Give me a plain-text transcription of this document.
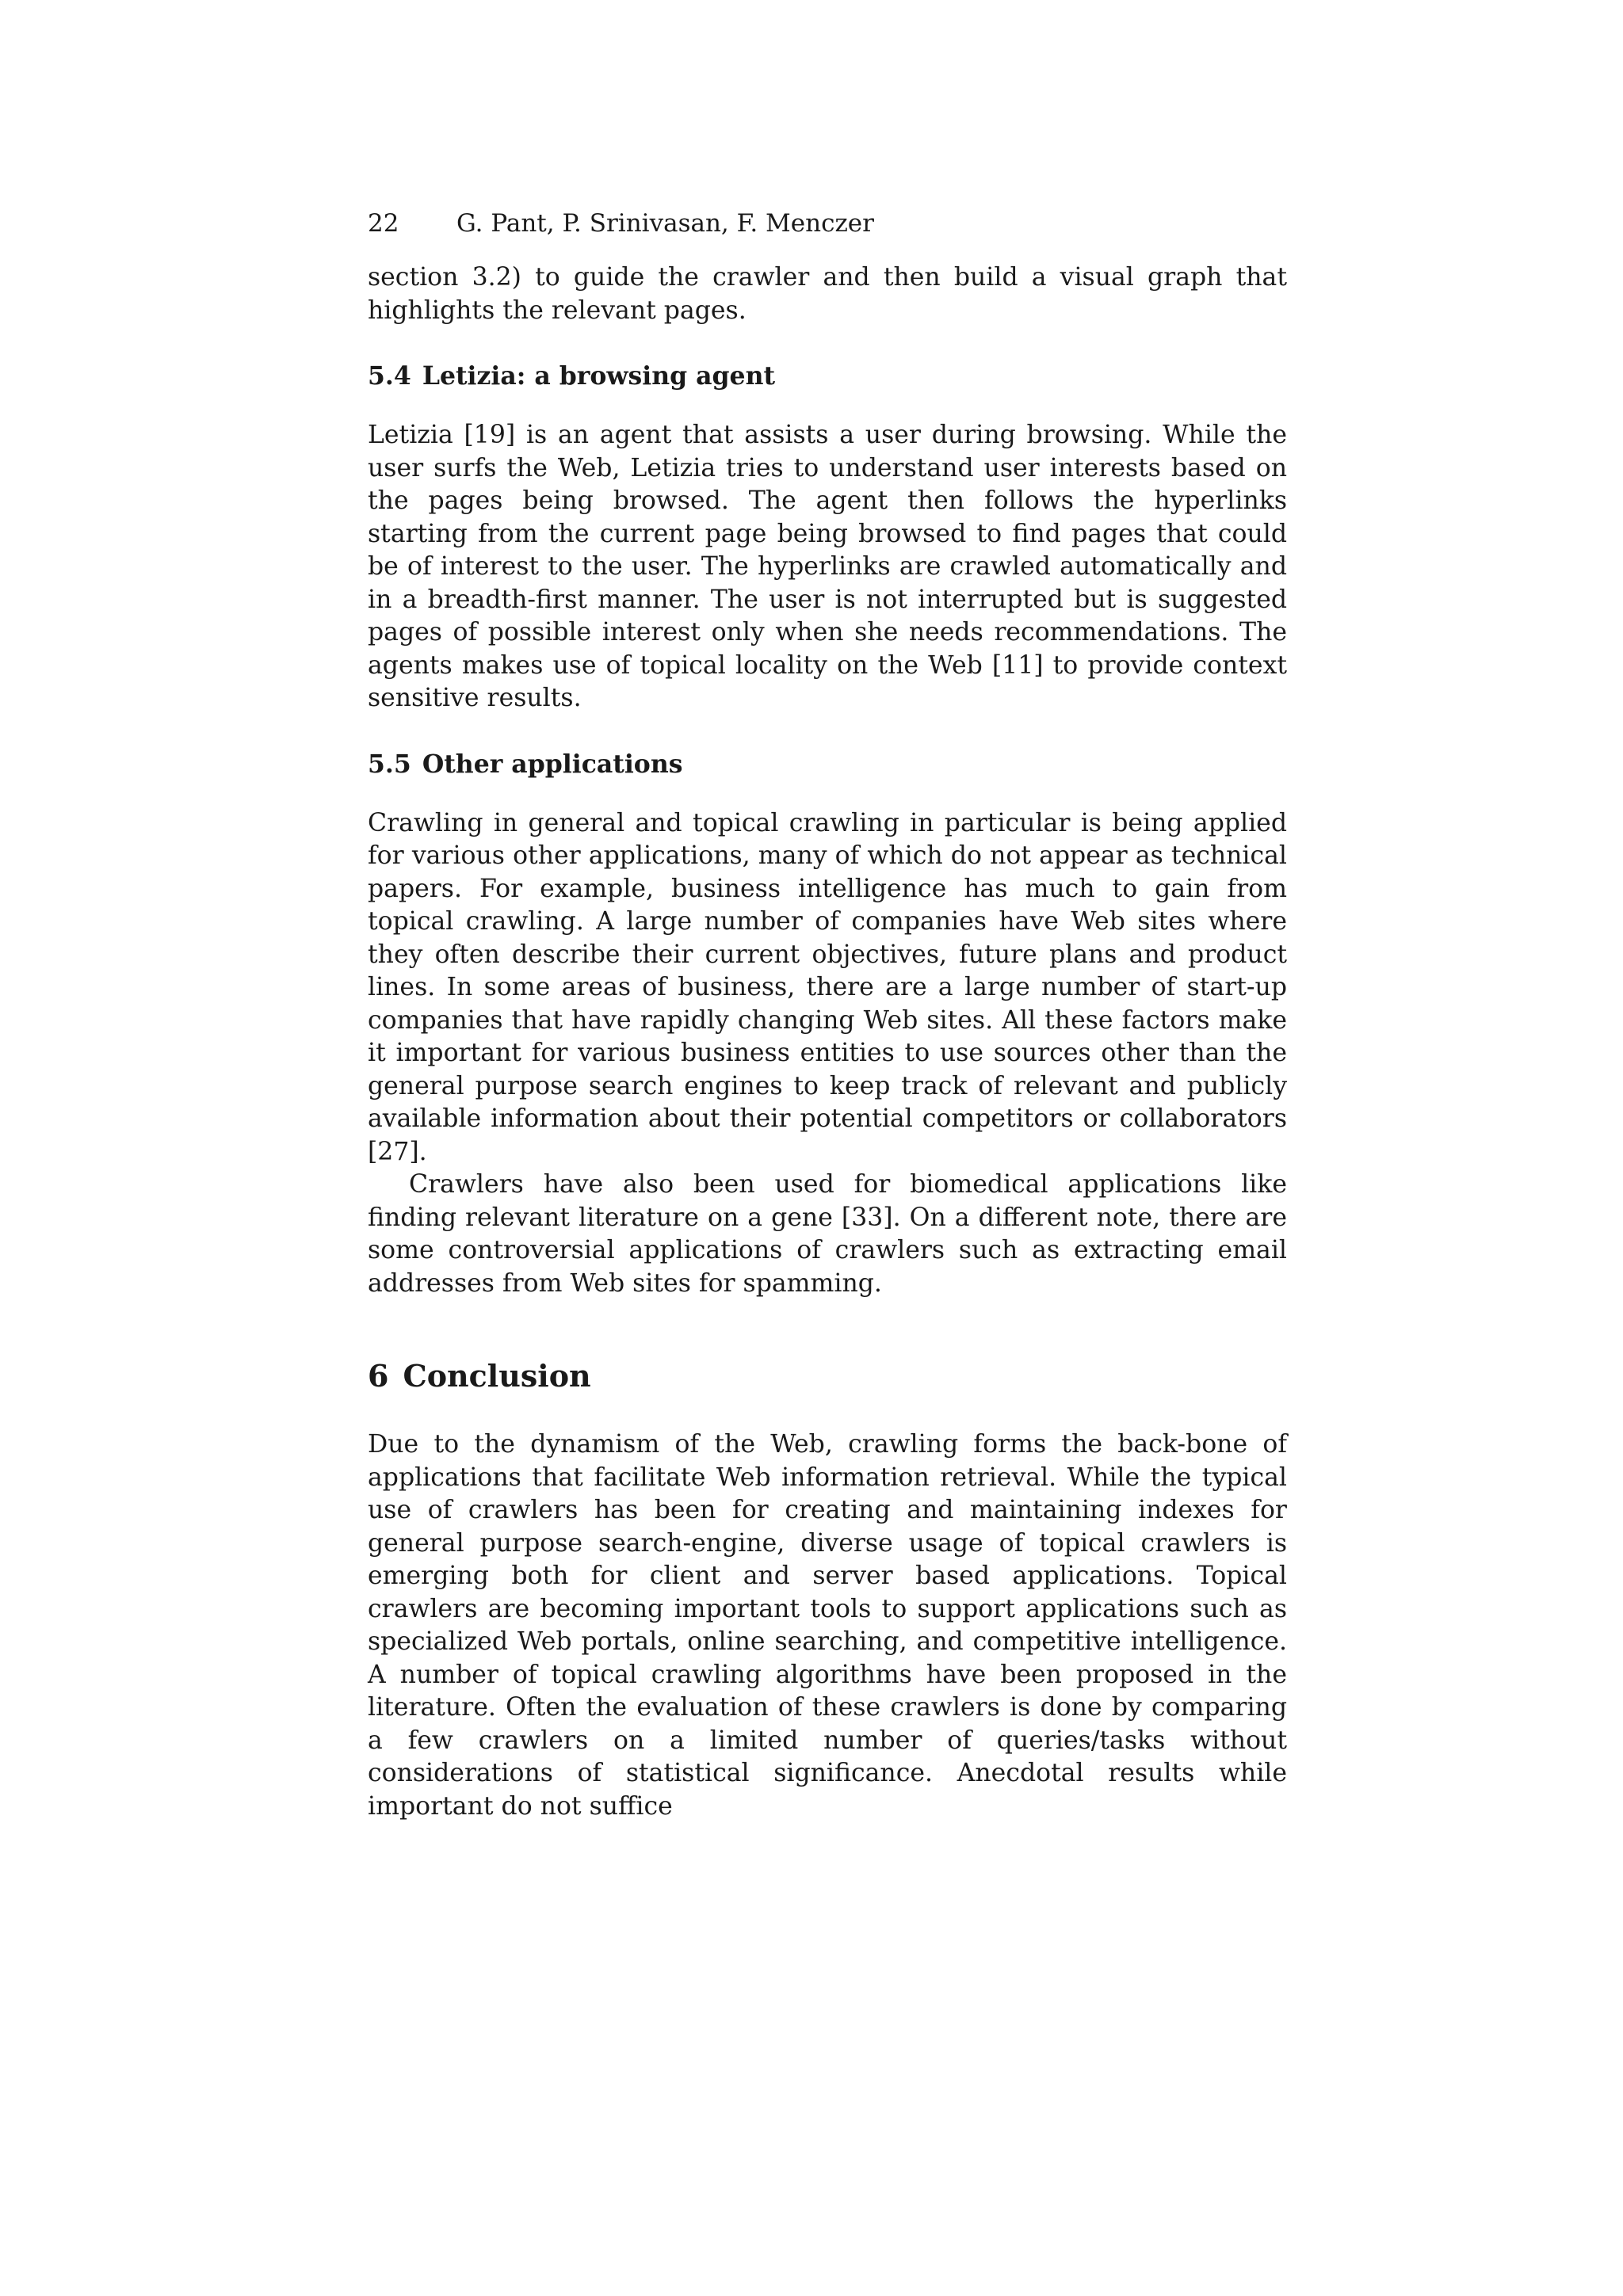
22 G. Pant, P. Srinivasan, F. Menczer

section 3.2) to guide the crawler and then build a visual graph that highlights the relevant pages.

5.4 Letizia: a browsing agent

Letizia [19] is an agent that assists a user during browsing. While the user surfs the Web, Letizia tries to understand user interests based on the pages being browsed. The agent then follows the hyperlinks starting from the current page being browsed to find pages that could be of interest to the user. The hyperlinks are crawled automatically and in a breadth-first manner. The user is not interrupted but is suggested pages of possible interest only when she needs recommendations. The agents makes use of topical locality on the Web [11] to provide context sensitive results.

5.5 Other applications

Crawling in general and topical crawling in particular is being applied for various other applications, many of which do not appear as technical papers. For example, business intelligence has much to gain from topical crawling. A large number of companies have Web sites where they often describe their current objectives, future plans and product lines. In some areas of business, there are a large number of start-up companies that have rapidly changing Web sites. All these factors make it important for various business entities to use sources other than the general purpose search engines to keep track of relevant and publicly available information about their potential competitors or collaborators [27].

Crawlers have also been used for biomedical applications like finding relevant literature on a gene [33]. On a different note, there are some controversial applications of crawlers such as extracting email addresses from Web sites for spamming.

6 Conclusion

Due to the dynamism of the Web, crawling forms the back-bone of applications that facilitate Web information retrieval. While the typical use of crawlers has been for creating and maintaining indexes for general purpose search-engine, diverse usage of topical crawlers is emerging both for client and server based applications. Topical crawlers are becoming important tools to support applications such as specialized Web portals, online searching, and competitive intelligence. A number of topical crawling algorithms have been proposed in the literature. Often the evaluation of these crawlers is done by comparing a few crawlers on a limited number of queries/tasks without considerations of statistical significance. Anecdotal results while important do not suffice
